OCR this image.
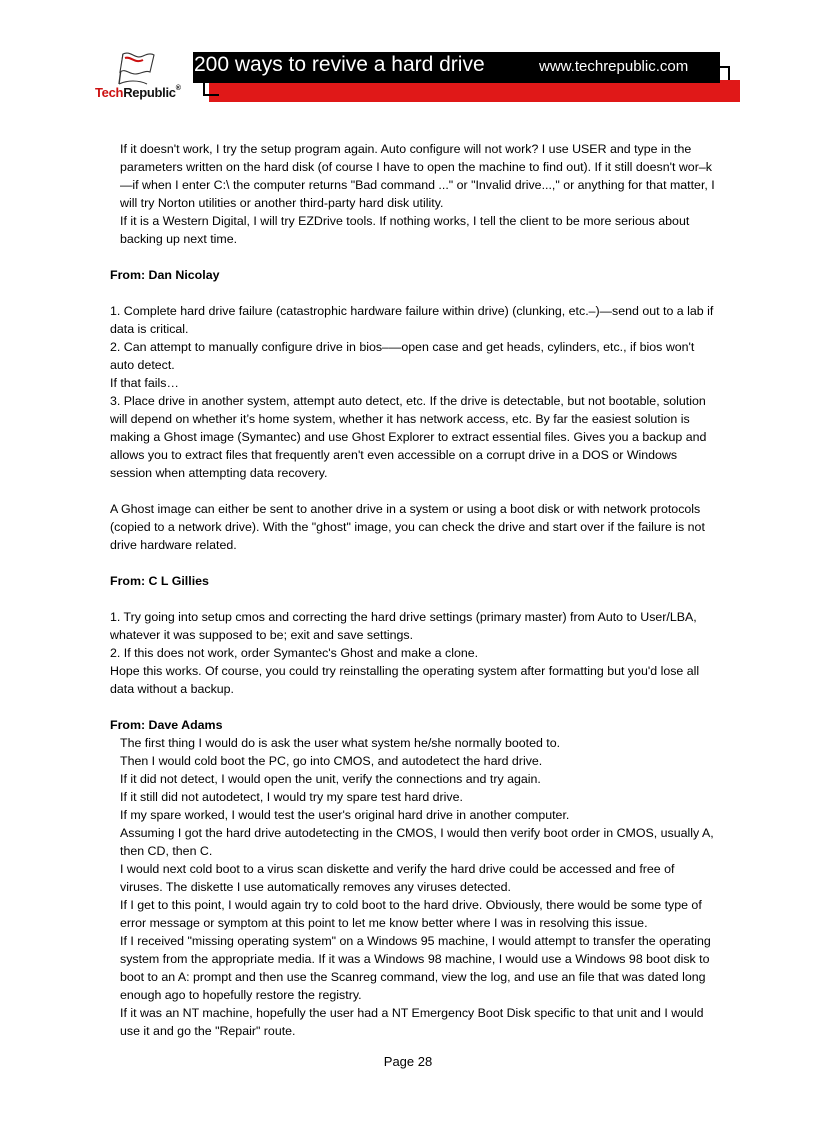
TechRepublic®
200 ways to revive a hard drive	www.techrepublic.com

If it doesn't work, I try the setup program again. Auto configure will not work? I use USER and type in the parameters written on the hard disk (of course I have to open the machine to find out). If it still doesn't wor–k—if when I enter C:\ the computer returns "Bad command ..." or "Invalid drive...," or anything for that matter, I will try Norton utilities or another third-party hard disk utility.

If it is a Western Digital, I will try EZDrive tools. If nothing works, I tell the client to be more serious about backing up next time.

From: Dan Nicolay

1. Complete hard drive failure (catastrophic hardware failure within drive) (clunking, etc.–)—send out to a lab if data is critical.

2. Can attempt to manually configure drive in bios–—open case and get heads, cylinders, etc., if bios won't auto detect.

If that fails…

3. Place drive in another system, attempt auto detect, etc. If the drive is detectable, but not bootable, solution will depend on whether it’s home system, whether it has network access, etc. By far the easiest solution is making a Ghost image (Symantec) and use Ghost Explorer to extract essential files. Gives you a backup and allows you to extract files that frequently aren't even accessible on a corrupt drive in a DOS or Windows session when attempting data recovery.

A Ghost image can either be sent to another drive in a system or using a boot disk or with network protocols (copied to a network drive). With the "ghost" image, you can check the drive and start over if the failure is not drive hardware related.

From: C L Gillies

1. Try going into setup cmos and correcting the hard drive settings (primary master) from Auto to User/LBA, whatever it was supposed to be; exit and save settings.

2. If this does not work, order Symantec's Ghost and make a clone.

Hope this works. Of course, you could try reinstalling the operating system after formatting but you'd lose all data without a backup.

From: Dave Adams

The first thing I would do is ask the user what system he/she normally booted to.

Then I would cold boot the PC, go into CMOS, and autodetect the hard drive.

If it did not detect, I would open the unit, verify the connections and try again.

If it still did not autodetect, I would try my spare test hard drive.

If my spare worked, I would test the user's original hard drive in another computer.

Assuming I got the hard drive autodetecting in the CMOS, I would then verify boot order in CMOS, usually A, then CD, then C.

I would next cold boot to a virus scan diskette and verify the hard drive could be accessed and free of viruses. The diskette I use automatically removes any viruses detected.

If I get to this point, I would again try to cold boot to the hard drive. Obviously, there would be some type of error message or symptom at this point to let me know better where I was in resolving this issue.

If I received "missing operating system" on a Windows 95 machine, I would attempt to transfer the operating system from the appropriate media. If it was a Windows 98 machine, I would use a Windows 98 boot disk to boot to an A: prompt and then use the Scanreg command, view the log, and use an file that was dated long enough ago to hopefully restore the registry.

If it was an NT machine, hopefully the user had a NT Emergency Boot Disk specific to that unit and I would use it and go the "Repair" route.

Page 28
